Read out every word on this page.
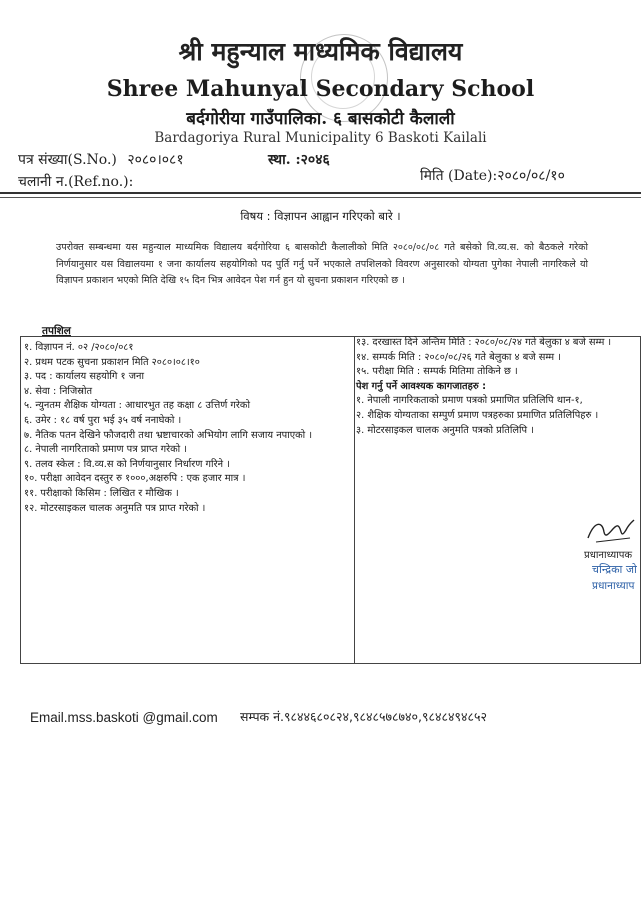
श्री महुन्याल माध्यमिक विद्यालय
Shree Mahunyal Secondary School
बर्दगोरीया गाउँपालिका. ६ बासकोटी कैलाली
Bardagoriya Rural Municipality 6 Baskoti Kailali
पत्र संख्या(S.No.) २०८०।०८१	स्था. :२०४६
चलानी न.(Ref.no.):	मिति (Date):२०८०/०८/१०
विषय : विज्ञापन आह्वान गरिएको बारे ।
उपरोक्त सम्बन्धमा यस महुन्याल माध्यमिक विद्यालय बर्दगोरिया ६ बासकोटी कैलालीको मिति २०८०/०८/०८ गते बसेको वि.व्य.स. को बैठकले गरेको निर्णयानुसार यस विद्यालयमा १ जना कार्यालय सहयोगिको पद पुर्ति गर्नु पर्ने भएकाले तपशिलको विवरण अनुसारको योग्यता पुगेका नेपाली नागरिकले यो विज्ञापन प्रकाशन भएको मिति देखि १५ दिन भित्र आवेदन पेश गर्न हुन यो सुचना प्रकाशन गरिएको छ ।
तपशिल
१. विज्ञापन नं. ०२ /२०८०/०८१
२. प्रथम पटक सुचना प्रकाशन मिति २०८०।०८।१०
३. पद : कार्यालय सहयोगि १ जना
४. सेवा : निजिस्रोत
५. न्युनतम शैक्षिक योग्यता : आधारभुत तह कक्षा ८ उत्तिर्ण गरेको
६. उमेर : १८ वर्ष पुरा भई ३५ वर्ष ननाघेको ।
७. नैतिक पतन देखिने फौजदारी तथा भ्रष्टाचारको अभियोग लागि सजाय नपाएको ।
८. नेपाली नागरिताको प्रमाण पत्र प्राप्त गरेको ।
९. तलव स्केल : वि.व्य.स को निर्णयानुसार निर्धारण गरिने ।
१०. परीक्षा आवेदन दस्तुर रु १०००,अक्षरुपि : एक हजार मात्र ।
११. परीक्षाको किसिम : लिखित र मौखिक ।
१२. मोटरसाइकल चालक अनुमति पत्र प्राप्त गरेको ।
१३. दरखास्त दिने अन्तिम मिति : २०८०/०८/२४ गते बेलुका ४ बजे सम्म ।
१४. सम्पर्क मिति : २०८०/०८/२६ गते बेलुका ४ बजे सम्म ।
१५. परीक्षा मिति : सम्पर्क मितिमा तोकिने छ ।
पेश गर्नु पर्ने आवश्यक कागजातहरु :
१. नेपाली नागरिकताको प्रमाण पत्रको प्रमाणित प्रतिलिपि थान-१,
२. शैक्षिक योग्यताका सम्पुर्ण प्रमाण पत्रहरुका प्रमाणित प्रतिलिपिहरु ।
३. मोटरसाइकल चालक अनुमति पत्रको प्रतिलिपि ।
प्रधानाध्यापक
चन्द्रिका जो
प्रधानाध्याप
Email.mss.baskoti @gmail.com सम्पक नं.९८४४६८०८२४,९८४८५७८७४०,९८४८४९४८५२
